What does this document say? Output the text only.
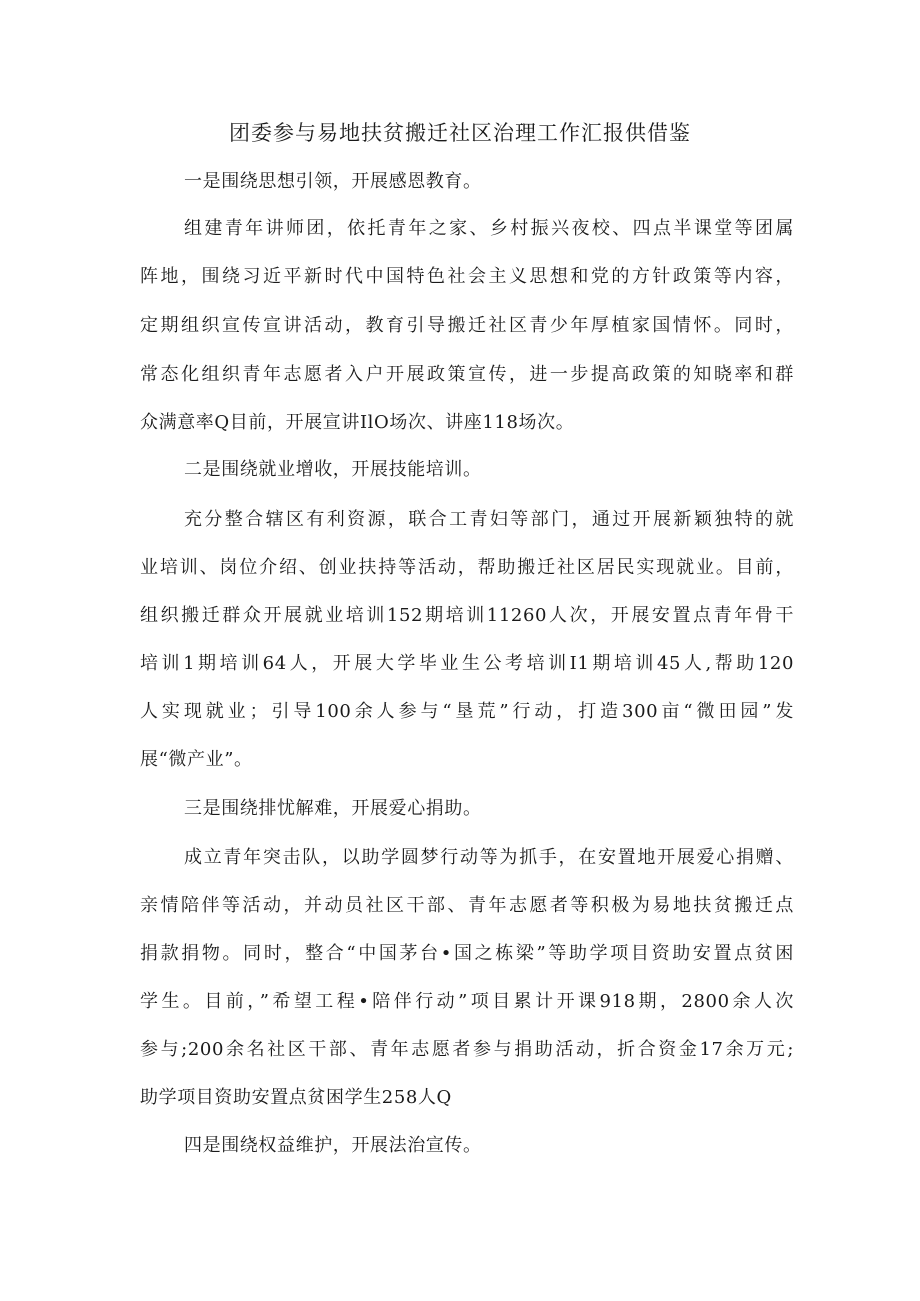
团委参与易地扶贫搬迁社区治理工作汇报供借鉴

一是围绕思想引领，开展感恩教育。

组建青年讲师团，依托青年之家、乡村振兴夜校、四点半课堂等团属

阵地，围绕习近平新时代中国特色社会主义思想和党的方针政策等内容，

定期组织宣传宣讲活动，教育引导搬迁社区青少年厚植家国情怀。同时，

常态化组织青年志愿者入户开展政策宣传，进一步提高政策的知晓率和群

众满意率Q目前，开展宣讲IlO场次、讲座118场次。

二是围绕就业增收，开展技能培训。

充分整合辖区有利资源，联合工青妇等部门，通过开展新颖独特的就

业培训、岗位介绍、创业扶持等活动，帮助搬迁社区居民实现就业。目前，

组织搬迁群众开展就业培训152期培训11260人次，开展安置点青年骨干

培训1期培训64人，开展大学毕业生公考培训I1期培训45人,帮助120

人实现就业；引导100余人参与“垦荒”行动，打造300亩“微田园”发

展“微产业”。

三是围绕排忧解难，开展爱心捐助。

成立青年突击队，以助学圆梦行动等为抓手，在安置地开展爱心捐赠、

亲情陪伴等活动，并动员社区干部、青年志愿者等积极为易地扶贫搬迁点

捐款捐物。同时，整合“中国茅台•国之栋梁”等助学项目资助安置点贫困

学生。目前，”希望工程•陪伴行动”项目累计开课918期，2800余人次

参与;200余名社区干部、青年志愿者参与捐助活动，折合资金17余万元;

助学项目资助安置点贫困学生258人Q

四是围绕权益维护，开展法治宣传。
